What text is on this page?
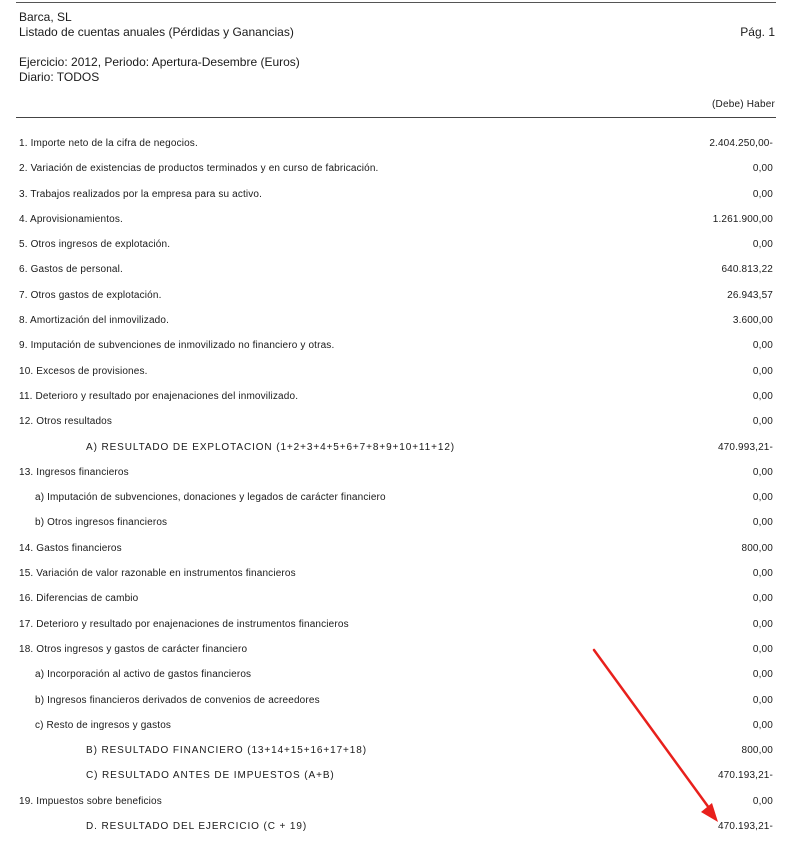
Barca, SL
Listado de cuentas anuales (Pérdidas y Ganancias)	Pág. 1
Ejercicio: 2012, Periodo: Apertura-Desembre (Euros)
Diario: TODOS
(Debe) Haber
1. Importe neto de la cifra de negocios.	2.404.250,00-
2. Variación de existencias de productos terminados y en curso de fabricación.	0,00
3. Trabajos realizados por la empresa para su activo.	0,00
4. Aprovisionamientos.	1.261.900,00
5. Otros ingresos de explotación.	0,00
6. Gastos de personal.	640.813,22
7. Otros gastos de explotación.	26.943,57
8. Amortización del inmovilizado.	3.600,00
9. Imputación de subvenciones de inmovilizado no financiero y otras.	0,00
10. Excesos de provisiones.	0,00
11. Deterioro y resultado por enajenaciones del inmovilizado.	0,00
12. Otros resultados	0,00
A) RESULTADO DE EXPLOTACION (1+2+3+4+5+6+7+8+9+10+11+12)	470.993,21-
13. Ingresos financieros	0,00
a) Imputación de subvenciones, donaciones y legados de carácter financiero	0,00
b) Otros ingresos financieros	0,00
14. Gastos financieros	800,00
15. Variación de valor razonable en instrumentos financieros	0,00
16. Diferencias de cambio	0,00
17. Deterioro y resultado por enajenaciones de instrumentos financieros	0,00
18. Otros ingresos y gastos de carácter financiero	0,00
a) Incorporación al activo de gastos financieros	0,00
b) Ingresos financieros derivados de convenios de acreedores	0,00
c) Resto de ingresos y gastos	0,00
B) RESULTADO FINANCIERO (13+14+15+16+17+18)	800,00
C) RESULTADO ANTES DE IMPUESTOS (A+B)	470.193,21-
19. Impuestos sobre beneficios	0,00
D. RESULTADO DEL EJERCICIO (C + 19)	470.193,21-
